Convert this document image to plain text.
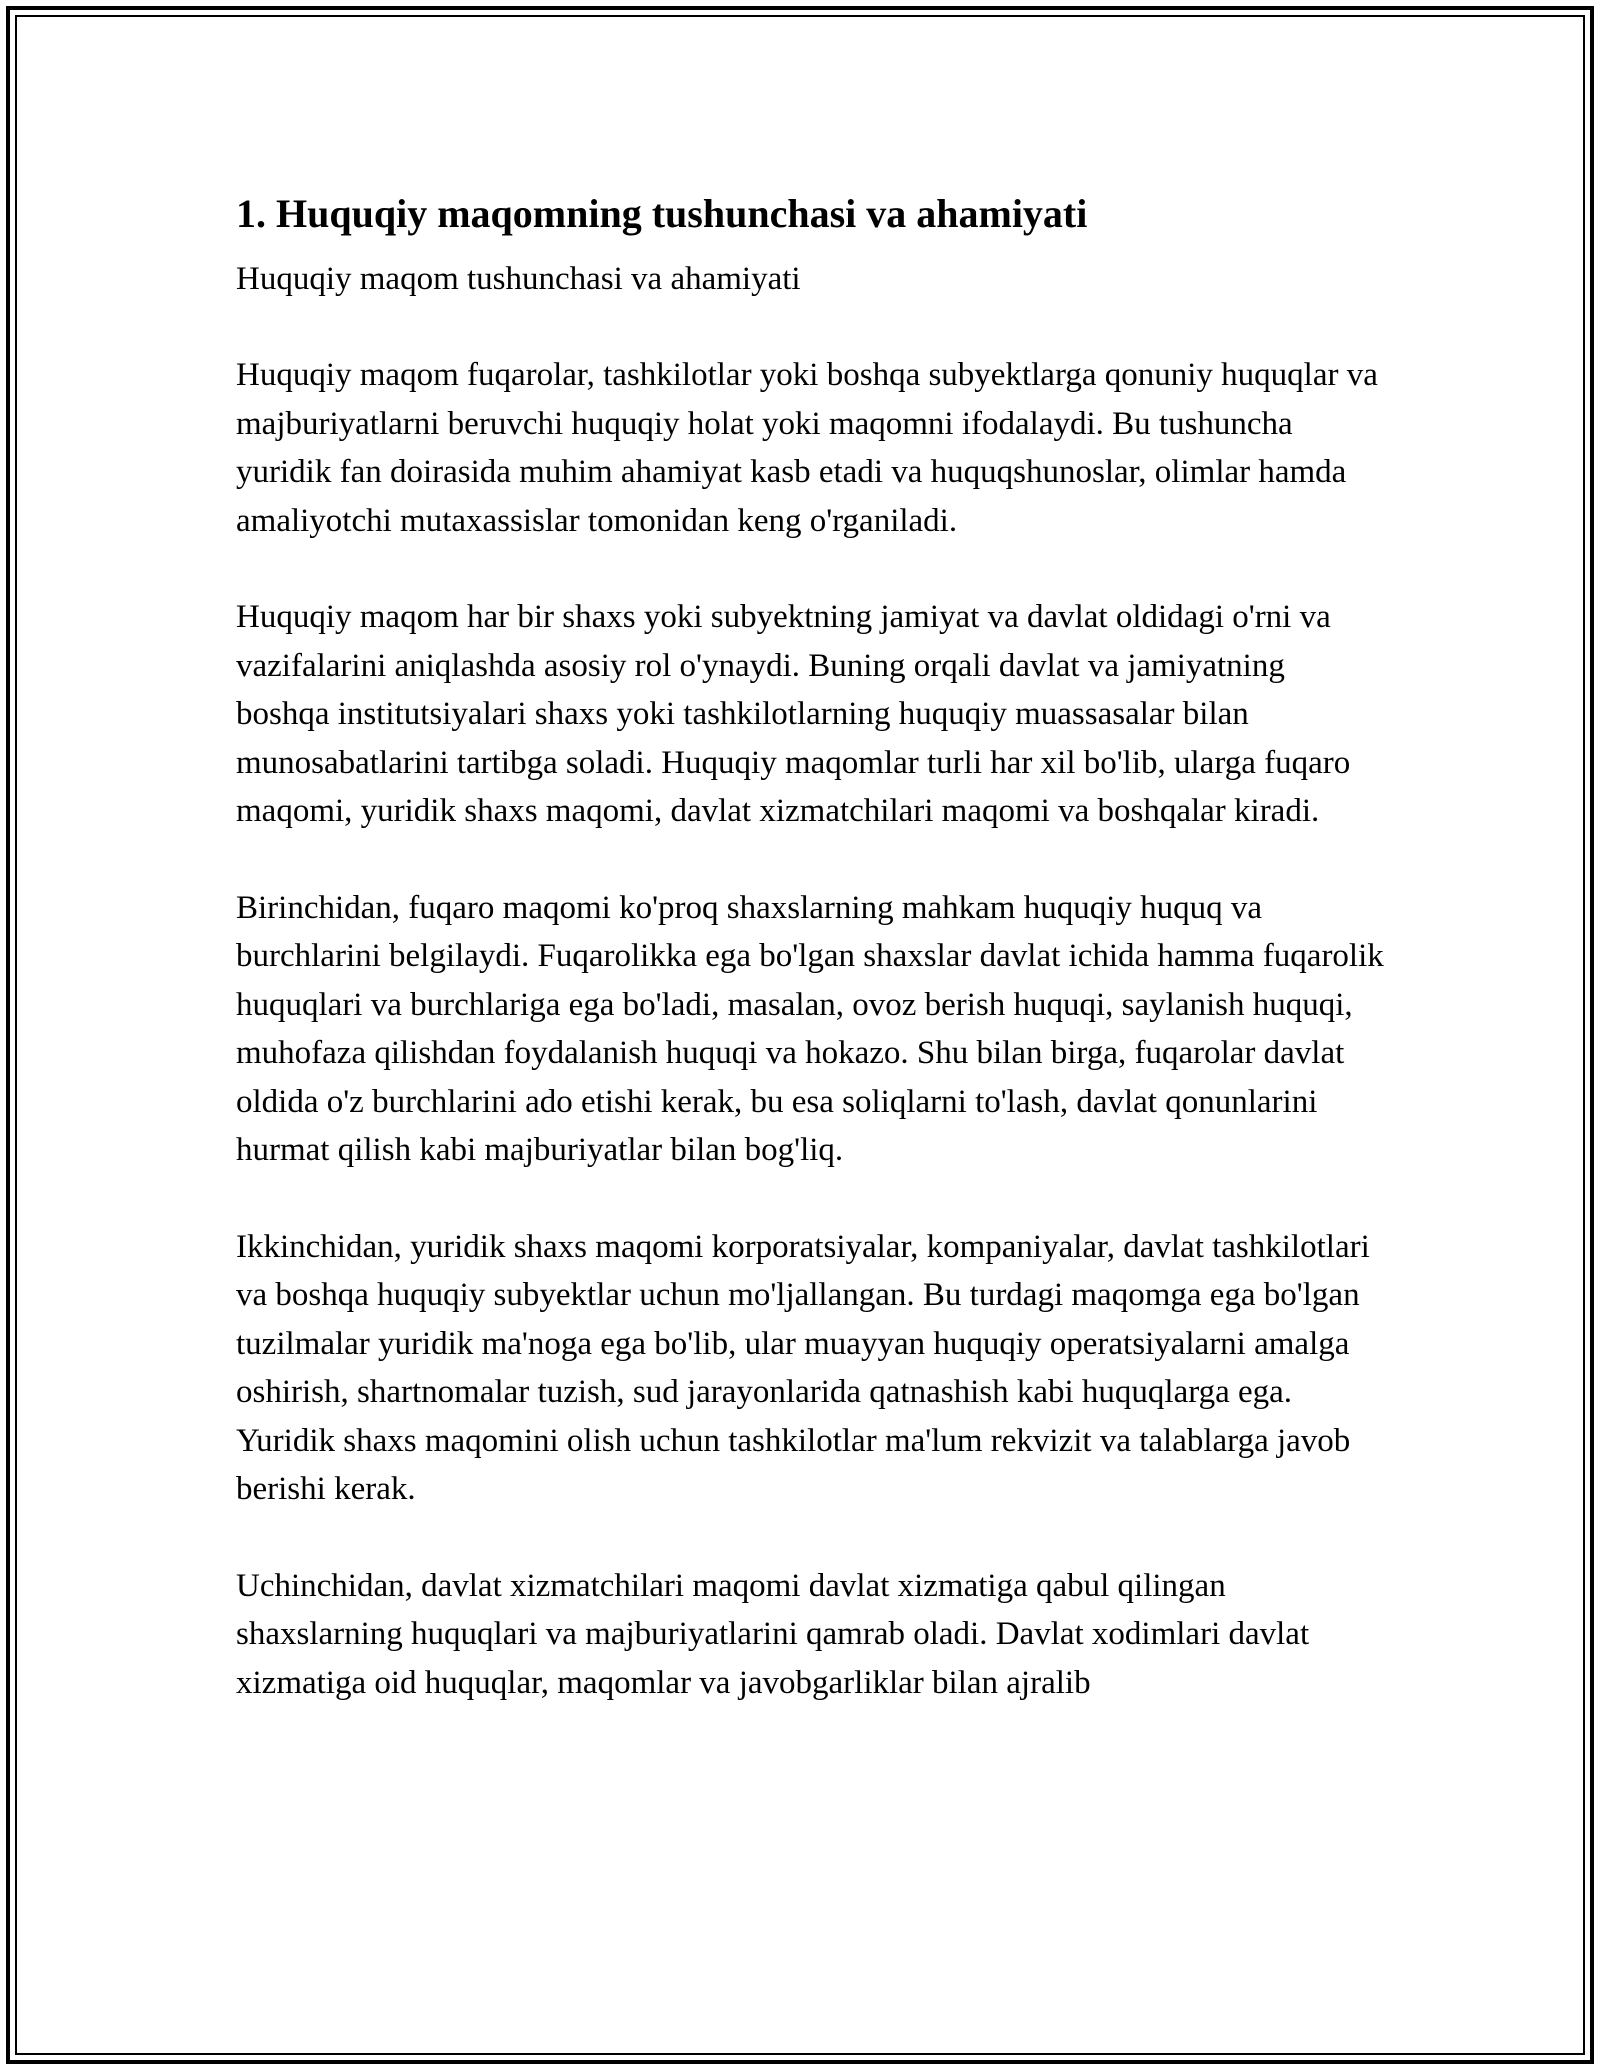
1. Huquqiy maqomning tushunchasi va ahamiyati

Huquqiy maqom tushunchasi va ahamiyati

Huquqiy maqom fuqarolar, tashkilotlar yoki boshqa subyektlarga qonuniy huquqlar va majburiyatlarni beruvchi huquqiy holat yoki maqomni ifodalaydi. Bu tushuncha yuridik fan doirasida muhim ahamiyat kasb etadi va huquqshunoslar, olimlar hamda amaliyotchi mutaxassislar tomonidan keng o'rganiladi.

Huquqiy maqom har bir shaxs yoki subyektning jamiyat va davlat oldidagi o'rni va vazifalarini aniqlashda asosiy rol o'ynaydi. Buning orqali davlat va jamiyatning boshqa institutsiyalari shaxs yoki tashkilotlarning huquqiy muassasalar bilan munosabatlarini tartibga soladi. Huquqiy maqomlar turli har xil bo'lib, ularga fuqaro maqomi, yuridik shaxs maqomi, davlat xizmatchilari maqomi va boshqalar kiradi.

Birinchidan, fuqaro maqomi ko'proq shaxslarning mahkam huquqiy huquq va burchlarini belgilaydi. Fuqarolikka ega bo'lgan shaxslar davlat ichida hamma fuqarolik huquqlari va burchlariga ega bo'ladi, masalan, ovoz berish huquqi, saylanish huquqi, muhofaza qilishdan foydalanish huquqi va hokazo. Shu bilan birga, fuqarolar davlat oldida o'z burchlarini ado etishi kerak, bu esa soliqlarni to'lash, davlat qonunlarini hurmat qilish kabi majburiyatlar bilan bog'liq.

Ikkinchidan, yuridik shaxs maqomi korporatsiyalar, kompaniyalar, davlat tashkilotlari va boshqa huquqiy subyektlar uchun mo'ljallangan. Bu turdagi maqomga ega bo'lgan tuzilmalar yuridik ma'noga ega bo'lib, ular muayyan huquqiy operatsiyalarni amalga oshirish, shartnomalar tuzish, sud jarayonlarida qatnashish kabi huquqlarga ega. Yuridik shaxs maqomini olish uchun tashkilotlar ma'lum rekvizit va talablarga javob berishi kerak.

Uchinchidan, davlat xizmatchilari maqomi davlat xizmatiga qabul qilingan shaxslarning huquqlari va majburiyatlarini qamrab oladi. Davlat xodimlari davlat xizmatiga oid huquqlar, maqomlar va javobgarliklar bilan ajralib
